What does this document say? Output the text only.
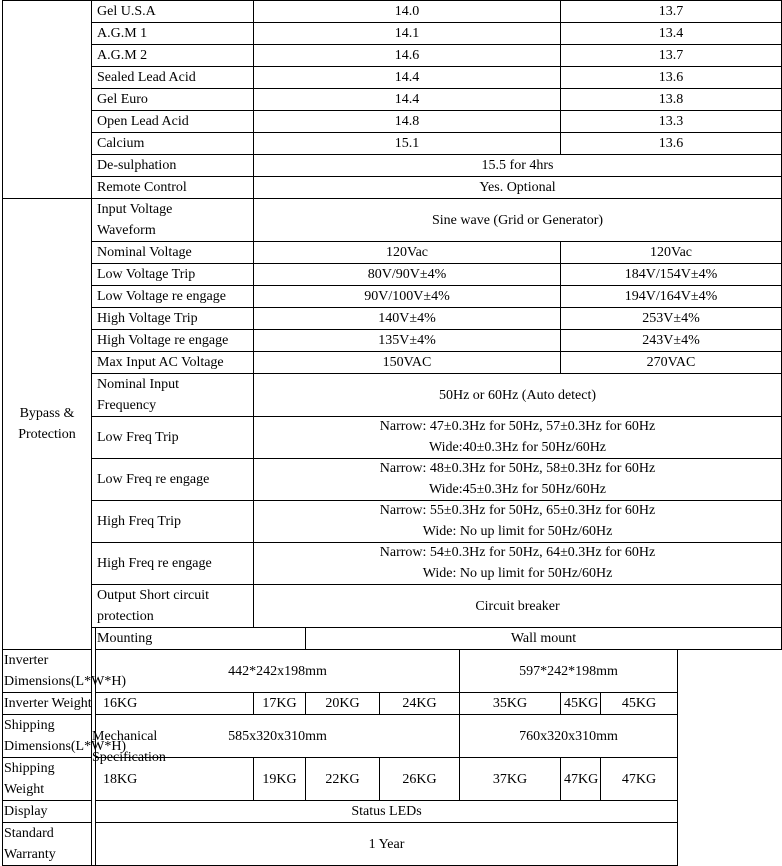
	Gel U.S.A		14.0				13.7	
	A.G.M 1		14.1				13.4	
	A.G.M 2		14.6				13.7	
	Sealed Lead Acid		14.4				13.6	
	Gel Euro		14.4				13.8	
	Open Lead Acid		14.8				13.3	
	Calcium		15.1				13.6	
	De-sulphation		15.5 for 4hrs					
	Remote Control		Yes. Optional					
Bypass &
Protection	Input Voltage
Waveform		Sine wave (Grid or Generator)					
	Nominal Voltage		120Vac				120Vac	
	Low Voltage Trip		80V/90V±4%				184V/154V±4%	
	Low Voltage re engage		90V/100V±4%				194V/164V±4%	
	High Voltage Trip		140V±4%				253V±4%	
	High Voltage re engage		135V±4%				243V±4%	
	Max Input AC Voltage		150VAC				270VAC	
	Nominal Input
Frequency		50Hz or 60Hz (Auto detect)					
	Low Freq Trip		Narrow: 47±0.3Hz for 50Hz, 57±0.3Hz for 60Hz
Wide:40±0.3Hz for 50Hz/60Hz					
	Low Freq re engage		Narrow: 48±0.3Hz for 50Hz, 58±0.3Hz for 60Hz
Wide:45±0.3Hz for 50Hz/60Hz					
	High Freq Trip		Narrow: 55±0.3Hz for 50Hz, 65±0.3Hz for 60Hz
Wide: No up limit for 50Hz/60Hz					
	High Freq re engage		Narrow: 54±0.3Hz for 50Hz, 64±0.3Hz for 60Hz
Wide: No up limit for 50Hz/60Hz					
	Output Short circuit
protection		Circuit breaker					
	Mechanical
Specification	Mounting		Wall mount				
Inverter
Dimensions(L*W*H)		442*242x198mm				597*242*198mm		
Inverter Weight		16KG	17KG	20KG	24KG	35KG	45KG	45KG
Shipping
Dimensions(L*W*H)		585x320x310mm				760x320x310mm		
Shipping Weight		18KG	19KG	22KG	26KG	37KG	47KG	47KG
Display		Status LEDs						
Standard Warranty		1 Year						
